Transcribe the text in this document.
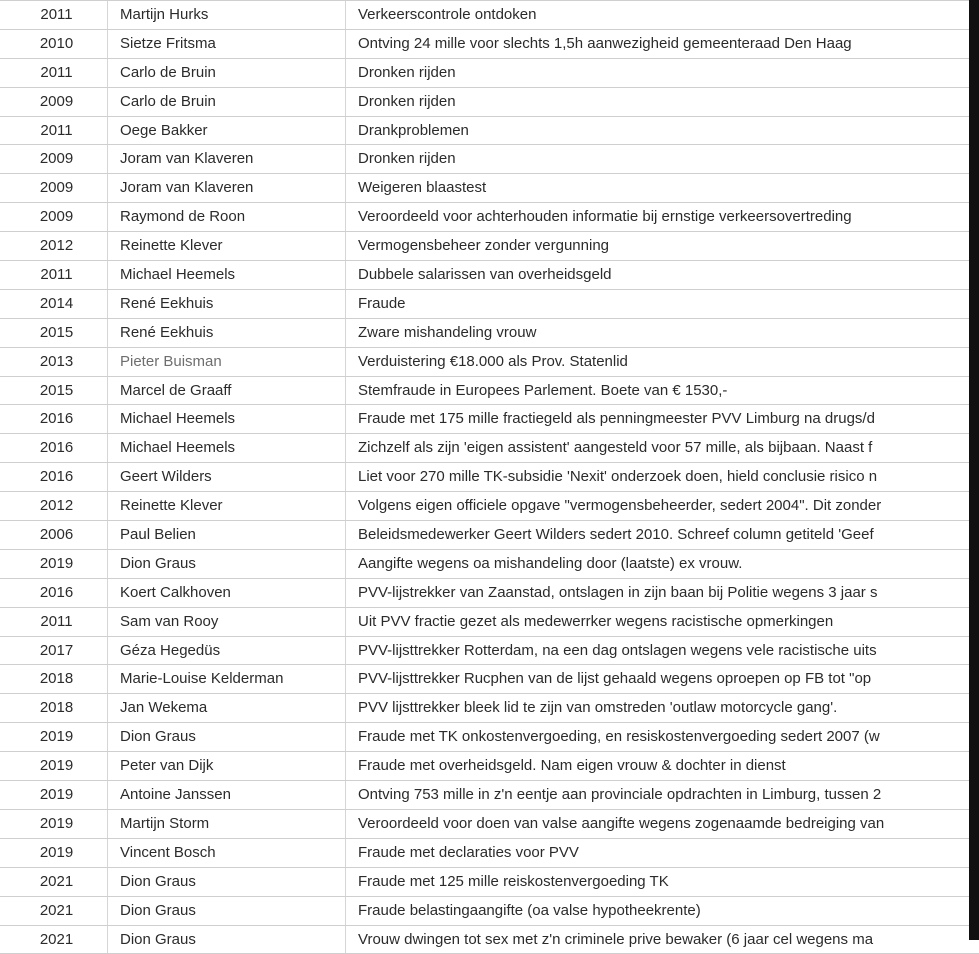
2011	Martijn Hurks	Verkeerscontrole ontdoken
2010	Sietze Fritsma	Ontving 24 mille voor slechts 1,5h aanwezigheid gemeenteraad Den Haag
2011	Carlo de Bruin	Dronken rijden
2009	Carlo de Bruin	Dronken rijden
2011	Oege Bakker	Drankproblemen
2009	Joram van Klaveren	Dronken rijden
2009	Joram van Klaveren	Weigeren blaastest
2009	Raymond de Roon	Veroordeeld voor achterhouden informatie bij ernstige verkeersovertreding
2012	Reinette Klever	Vermogensbeheer zonder vergunning
2011	Michael Heemels	Dubbele salarissen van overheidsgeld
2014	René Eekhuis	Fraude
2015	René Eekhuis	Zware mishandeling vrouw
2013	Pieter Buisman	Verduistering €18.000 als Prov. Statenlid
2015	Marcel de Graaff	Stemfraude in Europees Parlement. Boete van € 1530,-
2016	Michael Heemels	Fraude met 175 mille fractiegeld als penningmeester PVV Limburg na drugs/d
2016	Michael Heemels	Zichzelf als zijn 'eigen assistent' aangesteld voor 57 mille, als bijbaan. Naast f
2016	Geert Wilders	Liet voor 270 mille TK-subsidie 'Nexit' onderzoek doen, hield conclusie risico n
2012	Reinette Klever	Volgens eigen officiele opgave "vermogensbeheerder, sedert 2004". Dit zonder
2006	Paul Belien	Beleidsmedewerker Geert Wilders sedert 2010. Schreef column getiteld 'Geef
2019	Dion Graus	Aangifte wegens oa mishandeling door (laatste) ex vrouw.
2016	Koert Calkhoven	PVV-lijstrekker van Zaanstad, ontslagen in zijn baan bij Politie wegens 3 jaar s
2011	Sam van Rooy	Uit PVV fractie gezet als medewerrker wegens racistische opmerkingen
2017	Géza Hegedüs	PVV-lijsttrekker Rotterdam, na een dag ontslagen wegens vele racistische uits
2018	Marie-Louise Kelderman	PVV-lijsttrekker Rucphen van de lijst gehaald wegens oproepen op FB tot "op
2018	Jan Wekema	PVV lijsttrekker bleek lid te zijn van omstreden 'outlaw motorcycle gang'.
2019	Dion Graus	Fraude met TK onkostenvergoeding, en resiskostenvergoeding sedert 2007 (w
2019	Peter van Dijk	Fraude met overheidsgeld. Nam eigen vrouw & dochter in dienst
2019	Antoine Janssen	Ontving 753 mille in z'n eentje aan provinciale opdrachten in Limburg, tussen 2
2019	Martijn Storm	Veroordeeld voor doen van valse aangifte wegens zogenaamde bedreiging van
2019	Vincent Bosch	Fraude met declaraties voor PVV
2021	Dion Graus	Fraude met 125 mille reiskostenvergoeding TK
2021	Dion Graus	Fraude belastingaangifte (oa valse hypotheekrente)
2021	Dion Graus	Vrouw dwingen tot sex met z'n criminele prive bewaker (6 jaar cel wegens ma
